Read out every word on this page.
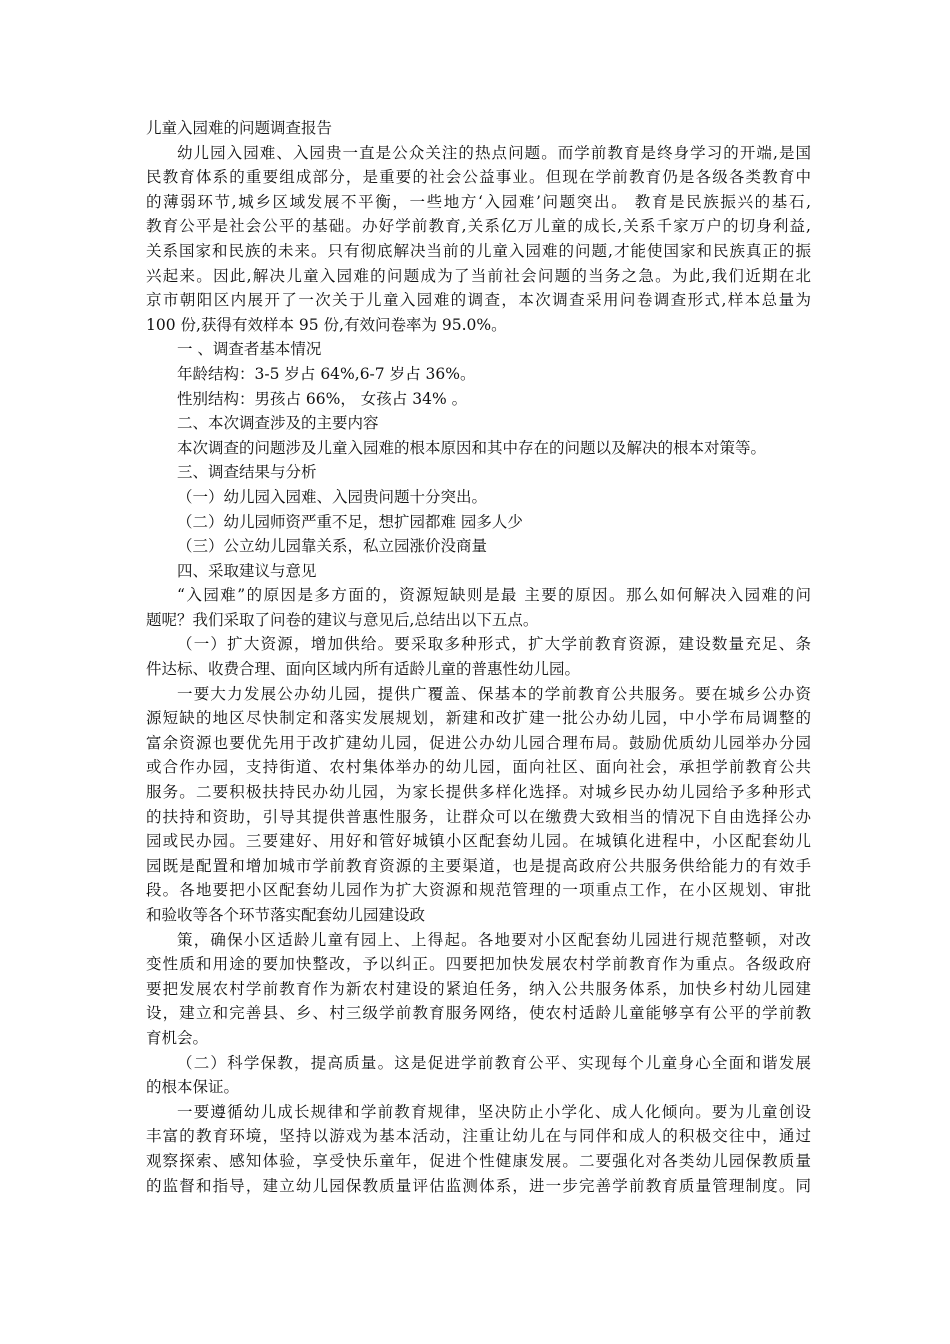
儿童入园难的问题调查报告
幼儿园入园难、入园贵一直是公众关注的热点问题。而学前教育是终身学习的开端,是国
民教育体系的重要组成部分，是重要的社会公益事业。但现在学前教育仍是各级各类教育中
的薄弱环节,城乡区域发展不平衡，一些地方‘入园难’问题突出。 教育是民族振兴的基石,
教育公平是社会公平的基础。办好学前教育,关系亿万儿童的成长,关系千家万户的切身利益,
关系国家和民族的未来。只有彻底解决当前的儿童入园难的问题,才能使国家和民族真正的振
兴起来。因此,解决儿童入园难的问题成为了当前社会问题的当务之急。为此,我们近期在北
京市朝阳区内展开了一次关于儿童入园难的调查，本次调查采用问卷调查形式,样本总量为
100 份,获得有效样本 95 份,有效问卷率为 95.0%。
一 、调查者基本情况
年龄结构：3-5 岁占 64%,6-7 岁占 36%。
性别结构：男孩占 66%， 女孩占 34% 。
二、本次调查涉及的主要内容
本次调查的问题涉及儿童入园难的根本原因和其中存在的问题以及解决的根本对策等。
三、调查结果与分析
（一）幼儿园入园难、入园贵问题十分突出。
（二）幼儿园师资严重不足，想扩园都难 园多人少
（三）公立幼儿园靠关系，私立园涨价没商量
四、采取建议与意见
“入园难”的原因是多方面的，资源短缺则是最 主要的原因。那么如何解决入园难的问
题呢？我们采取了问卷的建议与意见后,总结出以下五点。
（一）扩大资源，增加供给。要采取多种形式，扩大学前教育资源，建设数量充足、条
件达标、收费合理、面向区域内所有适龄儿童的普惠性幼儿园。
一要大力发展公办幼儿园，提供广覆盖、保基本的学前教育公共服务。要在城乡公办资
源短缺的地区尽快制定和落实发展规划，新建和改扩建一批公办幼儿园，中小学布局调整的
富余资源也要优先用于改扩建幼儿园，促进公办幼儿园合理布局。鼓励优质幼儿园举办分园
或合作办园，支持街道、农村集体举办的幼儿园，面向社区、面向社会，承担学前教育公共
服务。二要积极扶持民办幼儿园，为家长提供多样化选择。对城乡民办幼儿园给予多种形式
的扶持和资助，引导其提供普惠性服务，让群众可以在缴费大致相当的情况下自由选择公办
园或民办园。三要建好、用好和管好城镇小区配套幼儿园。在城镇化进程中，小区配套幼儿
园既是配置和增加城市学前教育资源的主要渠道，也是提高政府公共服务供给能力的有效手
段。各地要把小区配套幼儿园作为扩大资源和规范管理的一项重点工作，在小区规划、审批
和验收等各个环节落实配套幼儿园建设政
策，确保小区适龄儿童有园上、上得起。各地要对小区配套幼儿园进行规范整顿，对改
变性质和用途的要加快整改，予以纠正。四要把加快发展农村学前教育作为重点。各级政府
要把发展农村学前教育作为新农村建设的紧迫任务，纳入公共服务体系，加快乡村幼儿园建
设，建立和完善县、乡、村三级学前教育服务网络，使农村适龄儿童能够享有公平的学前教
育机会。
（二）科学保教，提高质量。这是促进学前教育公平、实现每个儿童身心全面和谐发展
的根本保证。
一要遵循幼儿成长规律和学前教育规律，坚决防止小学化、成人化倾向。要为儿童创设
丰富的教育环境，坚持以游戏为基本活动，注重让幼儿在与同伴和成人的积极交往中，通过
观察探索、感知体验，享受快乐童年，促进个性健康发展。二要强化对各类幼儿园保教质量
的监督和指导，建立幼儿园保教质量评估监测体系，进一步完善学前教育质量管理制度。同
